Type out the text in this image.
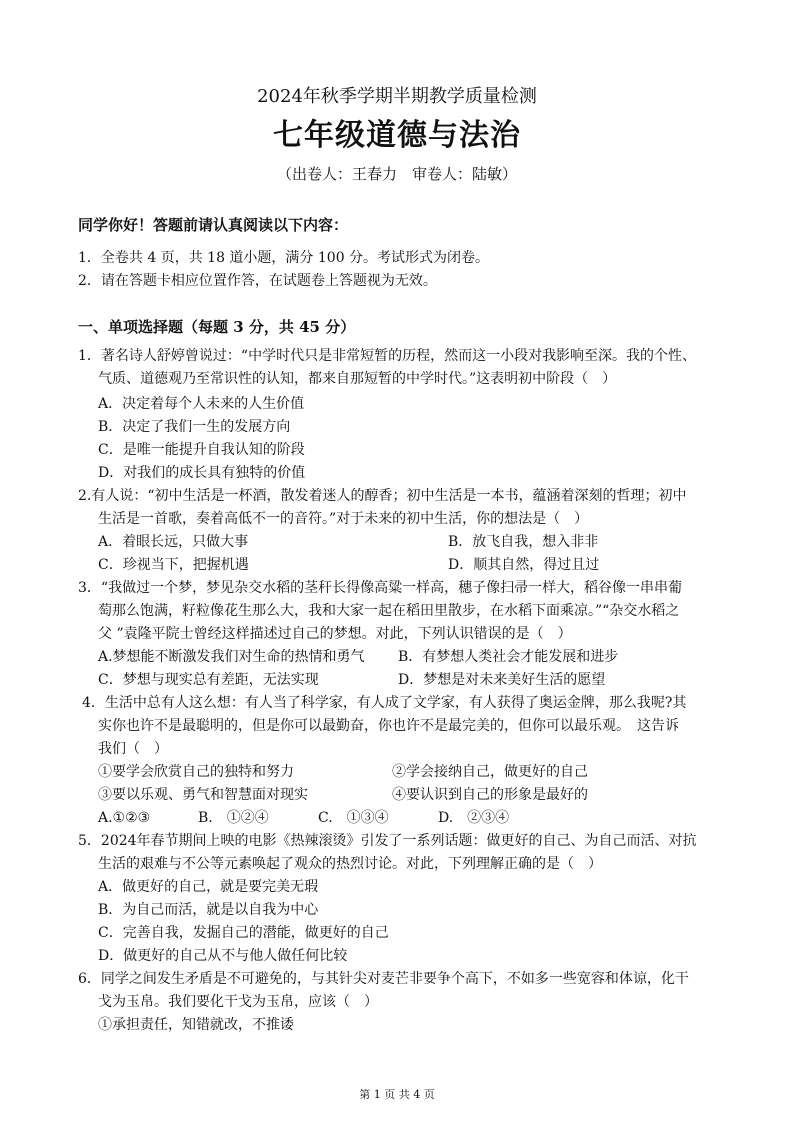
2024年秋季学期半期教学质量检测
七年级道德与法治
（出卷人：王春力　审卷人：陆敏）
同学你好！答题前请认真阅读以下内容：
1．全卷共 4 页，共 18 道小题，满分 100 分。考试形式为闭卷。
2．请在答题卡相应位置作答，在试题卷上答题视为无效。
一、单项选择题（每题 3 分，共 45 分）
1．著名诗人舒婷曾说过：“中学时代只是非常短暂的历程，然而这一小段对我影响至深。我的个性、
气质、道德观乃至常识性的认知，都来自那短暂的中学时代。”这表明初中阶段（　）
A．决定着每个人未来的人生价值
B．决定了我们一生的发展方向
C．是唯一能提升自我认知的阶段
D．对我们的成长具有独特的价值
2.有人说：“初中生活是一杯酒，散发着迷人的醇香；初中生活是一本书，蕴涵着深刻的哲理；初中
生活是一首歌，奏着高低不一的音符。”对于未来的初中生活，你的想法是（　）
A．着眼长远，只做大事	B．放飞自我，想入非非
C．珍视当下，把握机遇	D．顺其自然，得过且过
3．“我做过一个梦，梦见杂交水稻的茎秆长得像高粱一样高，穗子像扫帚一样大，稻谷像一串串葡
萄那么饱满，籽粒像花生那么大，我和大家一起在稻田里散步，在水稻下面乘凉。”“杂交水稻之
父 ”袁隆平院士曾经这样描述过自己的梦想。对此，下列认识错误的是（　）
A.梦想能不断激发我们对生命的热情和勇气 B．有梦想人类社会才能发展和进步
C．梦想与现实总有差距，无法实现	D．梦想是对未来美好生活的愿望
4．生活中总有人这么想：有人当了科学家，有人成了文学家，有人获得了奥运金牌，那么我呢?其
实你也许不是最聪明的，但是你可以最勤奋，你也许不是最完美的，但你可以最乐观。　这告诉
我们（　）
①要学会欣赏自己的独特和努力	②学会接纳自己，做更好的自己
③要以乐观、勇气和智慧面对现实	④要认识到自己的形象是最好的
A.①②③	B.　①②④	C.　①③④	D.　②③④
5．2024年春节期间上映的电影《热辣滚烫》引发了一系列话题：做更好的自己、为自己而活、对抗
生活的艰难与不公等元素唤起了观众的热烈讨论。对此，下列理解正确的是（　）
A．做更好的自己，就是要完美无瑕
B．为自己而活，就是以自我为中心
C．完善自我，发掘自己的潜能，做更好的自己
D．做更好的自己从不与他人做任何比较
6．同学之间发生矛盾是不可避免的，与其针尖对麦芒非要争个高下，不如多一些宽容和体谅，化干
戈为玉帛。我们要化干戈为玉帛，应该（　）
①承担责任，知错就改，不推诿
第 1 页 共 4 页
